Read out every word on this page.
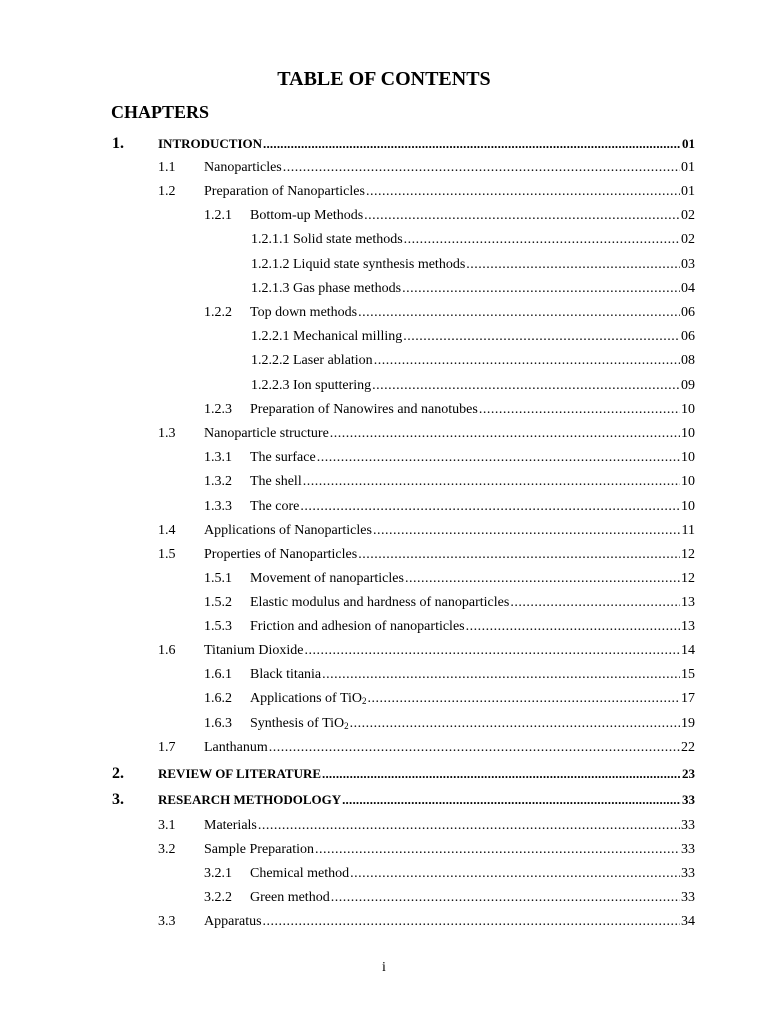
TABLE OF CONTENTS
CHAPTERS
1.	INTRODUCTION .....	01
1.1 Nanoparticles .....	01
1.2 Preparation of Nanoparticles .....	01
1.2.1 Bottom-up Methods .....	02
1.2.1.1 Solid state methods .....	02
1.2.1.2 Liquid state synthesis methods .....	03
1.2.1.3 Gas phase methods .....	04
1.2.2 Top down methods .....	06
1.2.2.1 Mechanical milling .....	06
1.2.2.2 Laser ablation .....	08
1.2.2.3 Ion sputtering .....	09
1.2.3 Preparation of Nanowires and nanotubes .....	10
1.3 Nanoparticle structure .....	10
1.3.1 The surface .....	10
1.3.2 The shell .....	10
1.3.3 The core .....	10
1.4 Applications of Nanoparticles .....	11
1.5 Properties of Nanoparticles .....	12
1.5.1 Movement of nanoparticles .....	12
1.5.2 Elastic modulus and hardness of nanoparticles .....	13
1.5.3 Friction and adhesion of nanoparticles .....	13
1.6 Titanium Dioxide .....	14
1.6.1 Black titania .....	15
1.6.2 Applications of TiO$_2$ .....	17
1.6.3 Synthesis of TiO$_2$ .....	19
1.7 Lanthanum .....	22
2.	REVIEW OF LITERATURE .....	23
3.	RESEARCH METHODOLOGY .....	33
3.1 Materials .....	33
3.2 Sample Preparation .....	33
3.2.1 Chemical method .....	33
3.2.2 Green method .....	33
3.3 Apparatus .....	34
i
